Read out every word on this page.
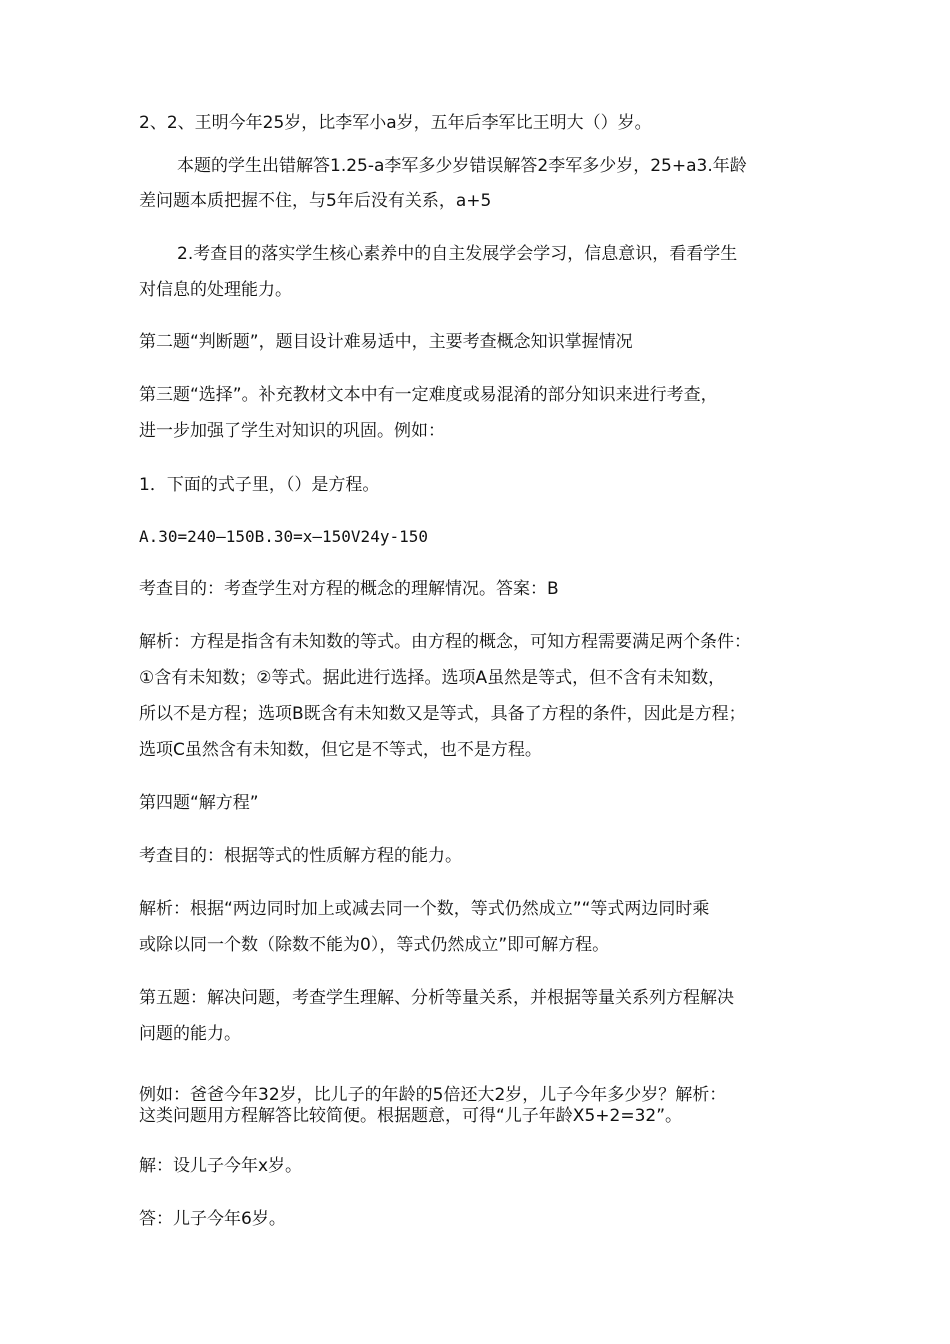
2、2、王明今年25岁，比李军小a岁，五年后李军比王明大（）岁。
本题的学生出错解答1.25-a李军多少岁错误解答2李军多少岁，25+a3.年龄
差问题本质把握不住，与5年后没有关系，a+5
2.考查目的落实学生核心素养中的自主发展学会学习，信息意识，看看学生
对信息的处理能力。
第二题“判断题”，题目设计难易适中，主要考查概念知识掌握情况
第三题“选择”。补充教材文本中有一定难度或易混淆的部分知识来进行考查，
进一步加强了学生对知识的巩固。例如：
1．下面的式子里，（）是方程。
A.30=240—150B.30=x—150V24y-150
考查目的：考查学生对方程的概念的理解情况。答案：B
解析：方程是指含有未知数的等式。由方程的概念，可知方程需要满足两个条件：
①含有未知数；②等式。据此进行选择。选项A虽然是等式，但不含有未知数，
所以不是方程；选项B既含有未知数又是等式，具备了方程的条件，因此是方程；
选项C虽然含有未知数，但它是不等式，也不是方程。
第四题“解方程”
考查目的：根据等式的性质解方程的能力。
解析：根据“两边同时加上或减去同一个数，等式仍然成立”“等式两边同时乘
或除以同一个数（除数不能为0），等式仍然成立”即可解方程。
第五题：解决问题，考查学生理解、分析等量关系，并根据等量关系列方程解决
问题的能力。
例如：爸爸今年32岁，比儿子的年龄的5倍还大2岁，儿子今年多少岁？解析：
这类问题用方程解答比较简便。根据题意，可得“儿子年龄X5+2=32”。
解：设儿子今年x岁。
答：儿子今年6岁。
